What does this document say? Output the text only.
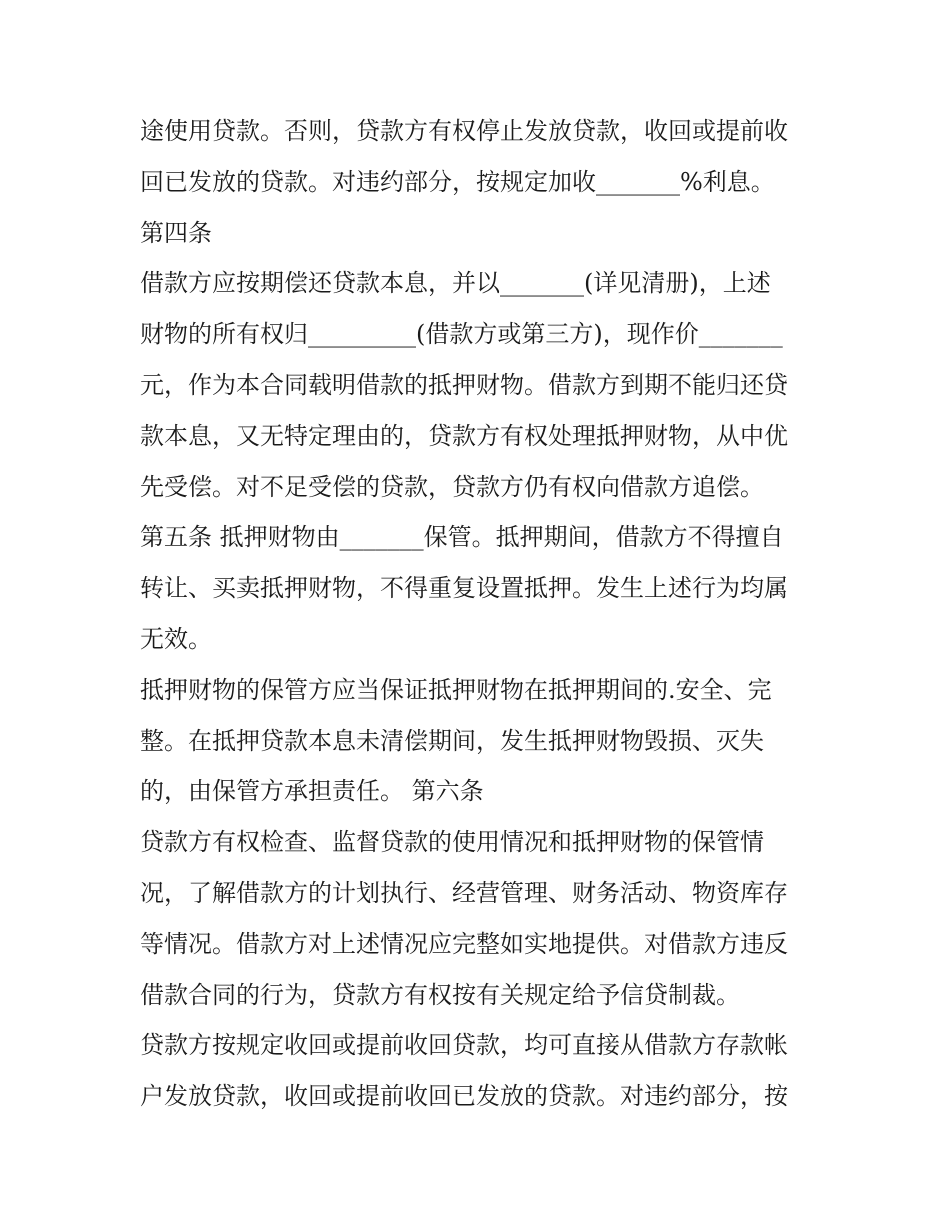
途使用贷款。否则，贷款方有权停止发放贷款，收回或提前收
回已发放的贷款。对违约部分，按规定加收_______%利息。
第四条
借款方应按期偿还贷款本息，并以_______(详见清册)，上述
财物的所有权归_________(借款方或第三方)，现作价_______
元，作为本合同载明借款的抵押财物。借款方到期不能归还贷
款本息，又无特定理由的，贷款方有权处理抵押财物，从中优
先受偿。对不足受偿的贷款，贷款方仍有权向借款方追偿。
第五条 抵押财物由_______保管。抵押期间，借款方不得擅自
转让、买卖抵押财物，不得重复设置抵押。发生上述行为均属
无效。
抵押财物的保管方应当保证抵押财物在抵押期间的.安全、完
整。在抵押贷款本息未清偿期间，发生抵押财物毁损、灭失
的，由保管方承担责任。 第六条
贷款方有权检查、监督贷款的使用情况和抵押财物的保管情
况，了解借款方的计划执行、经营管理、财务活动、物资库存
等情况。借款方对上述情况应完整如实地提供。对借款方违反
借款合同的行为，贷款方有权按有关规定给予信贷制裁。
贷款方按规定收回或提前收回贷款，均可直接从借款方存款帐
户发放贷款，收回或提前收回已发放的贷款。对违约部分，按
